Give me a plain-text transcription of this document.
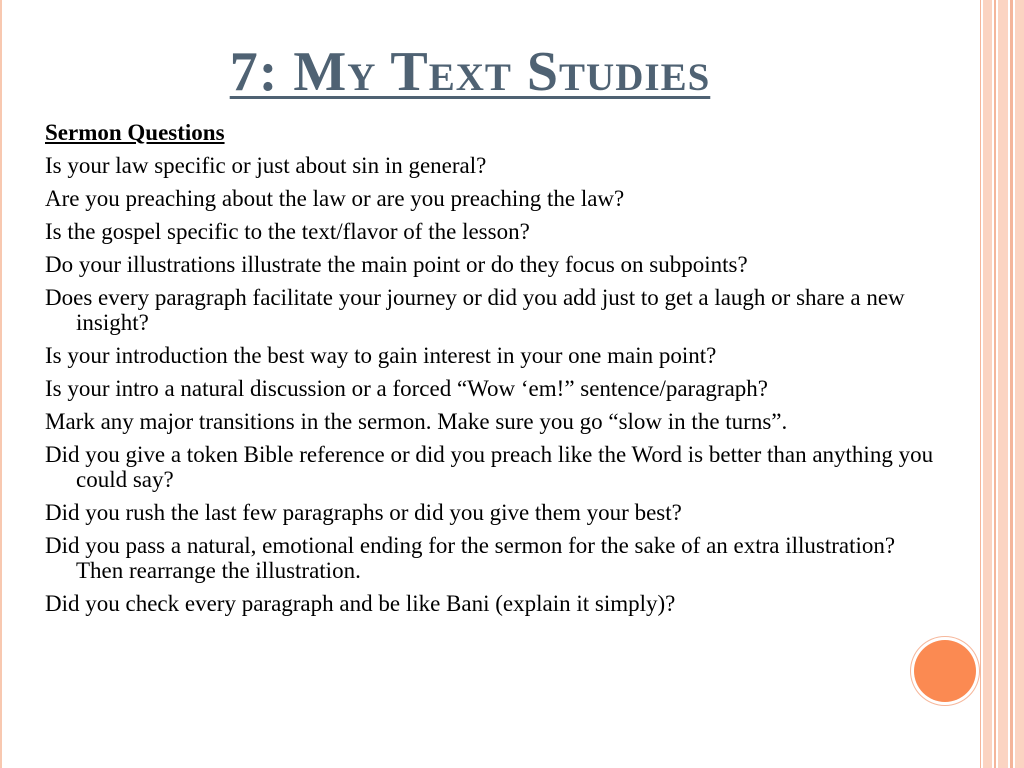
7: My Text Studies
Sermon Questions
Is your law specific or just about sin in general?
Are you preaching about the law or are you preaching the law?
Is the gospel specific to the text/flavor of the lesson?
Do your illustrations illustrate the main point or do they focus on subpoints?
Does every paragraph facilitate your journey or did you add just to get a laugh or share a new insight?
Is your introduction the best way to gain interest in your one main point?
Is your intro a natural discussion or a forced “Wow ‘em!” sentence/paragraph?
Mark any major transitions in the sermon. Make sure you go “slow in the turns”.
Did you give a token Bible reference or did you preach like the Word is better than anything you could say?
Did you rush the last few paragraphs or did you give them your best?
Did you pass a natural, emotional ending for the sermon for the sake of an extra illustration? Then rearrange the illustration.
Did you check every paragraph and be like Bani (explain it simply)?
